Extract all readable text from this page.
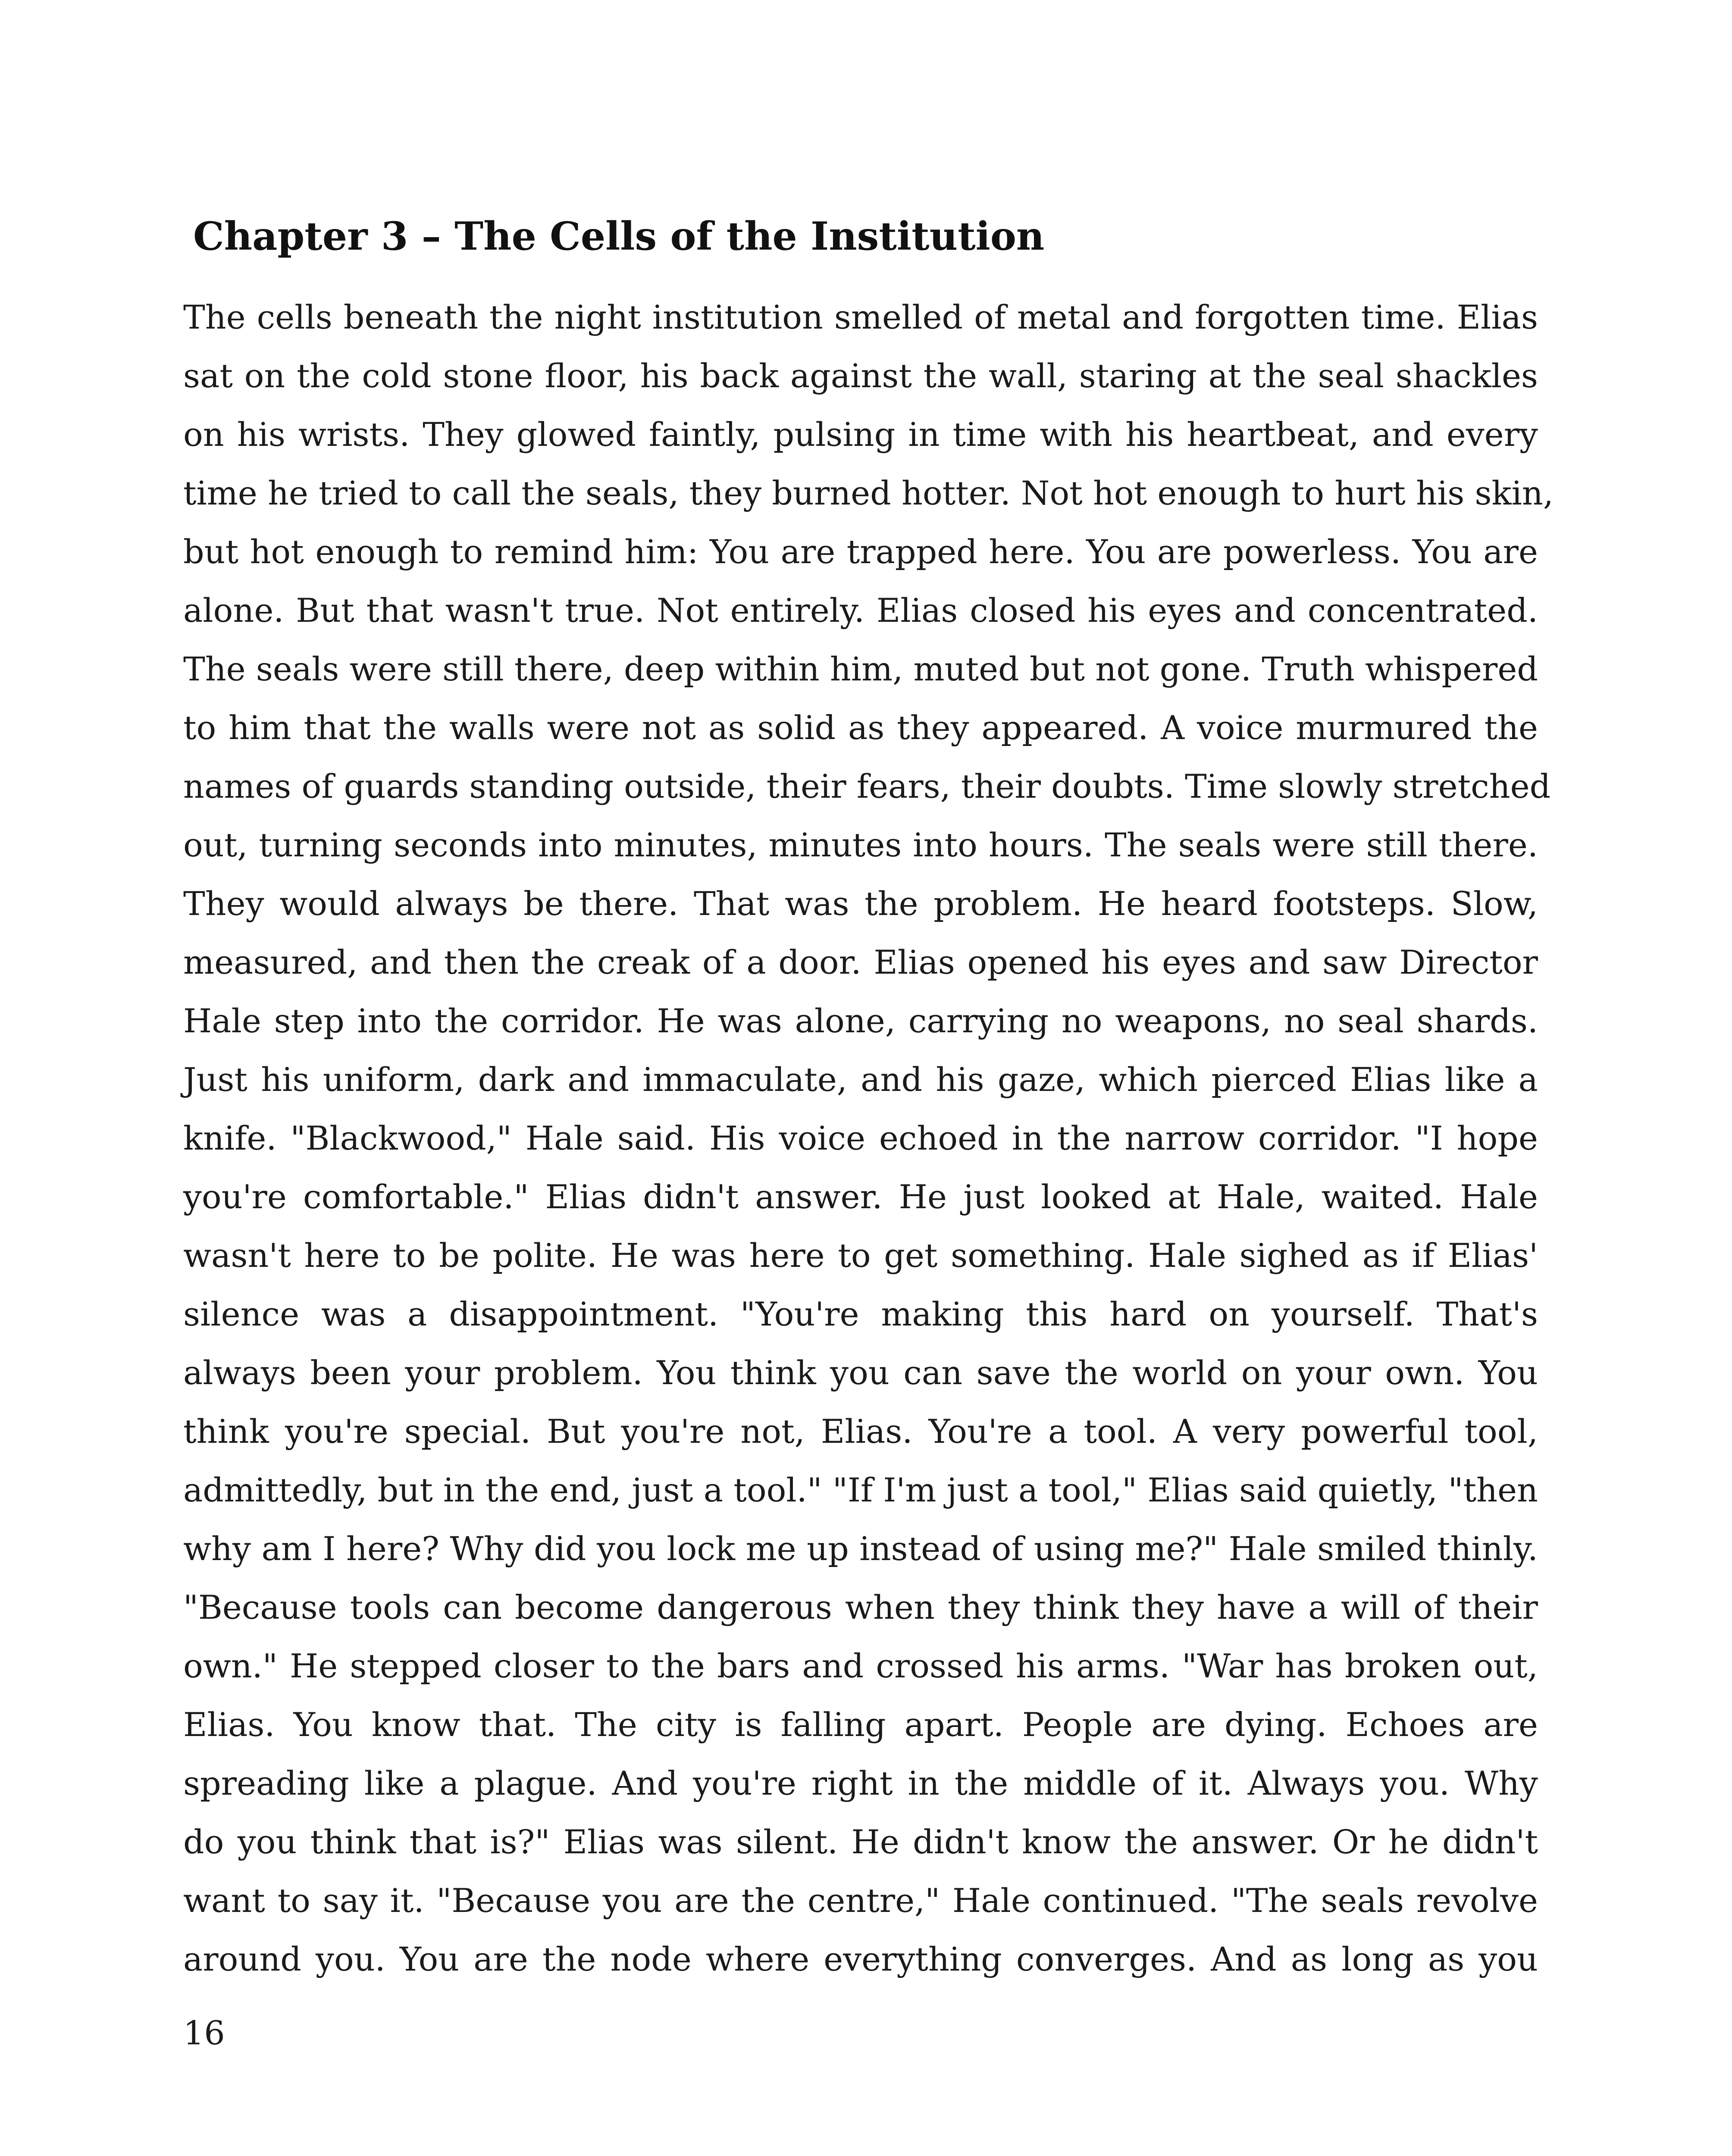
Chapter 3 – The Cells of the Institution
The cells beneath the night institution smelled of metal and forgotten time. Elias
sat on the cold stone floor, his back against the wall, staring at the seal shackles
on his wrists. They glowed faintly, pulsing in time with his heartbeat, and every
time he tried to call the seals, they burned hotter. Not hot enough to hurt his skin,
but hot enough to remind him: You are trapped here. You are powerless. You are
alone. But that wasn't true. Not entirely. Elias closed his eyes and concentrated.
The seals were still there, deep within him, muted but not gone. Truth whispered
to him that the walls were not as solid as they appeared. A voice murmured the
names of guards standing outside, their fears, their doubts. Time slowly stretched
out, turning seconds into minutes, minutes into hours. The seals were still there.
They would always be there. That was the problem. He heard footsteps. Slow,
measured, and then the creak of a door. Elias opened his eyes and saw Director
Hale step into the corridor. He was alone, carrying no weapons, no seal shards.
Just his uniform, dark and immaculate, and his gaze, which pierced Elias like a
knife. "Blackwood," Hale said. His voice echoed in the narrow corridor. "I hope
you're comfortable." Elias didn't answer. He just looked at Hale, waited. Hale
wasn't here to be polite. He was here to get something. Hale sighed as if Elias'
silence was a disappointment. "You're making this hard on yourself. That's
always been your problem. You think you can save the world on your own. You
think you're special. But you're not, Elias. You're a tool. A very powerful tool,
admittedly, but in the end, just a tool." "If I'm just a tool," Elias said quietly, "then
why am I here? Why did you lock me up instead of using me?" Hale smiled thinly.
"Because tools can become dangerous when they think they have a will of their
own." He stepped closer to the bars and crossed his arms. "War has broken out,
Elias. You know that. The city is falling apart. People are dying. Echoes are
spreading like a plague. And you're right in the middle of it. Always you. Why
do you think that is?" Elias was silent. He didn't know the answer. Or he didn't
want to say it. "Because you are the centre," Hale continued. "The seals revolve
around you. You are the node where everything converges. And as long as you

16
